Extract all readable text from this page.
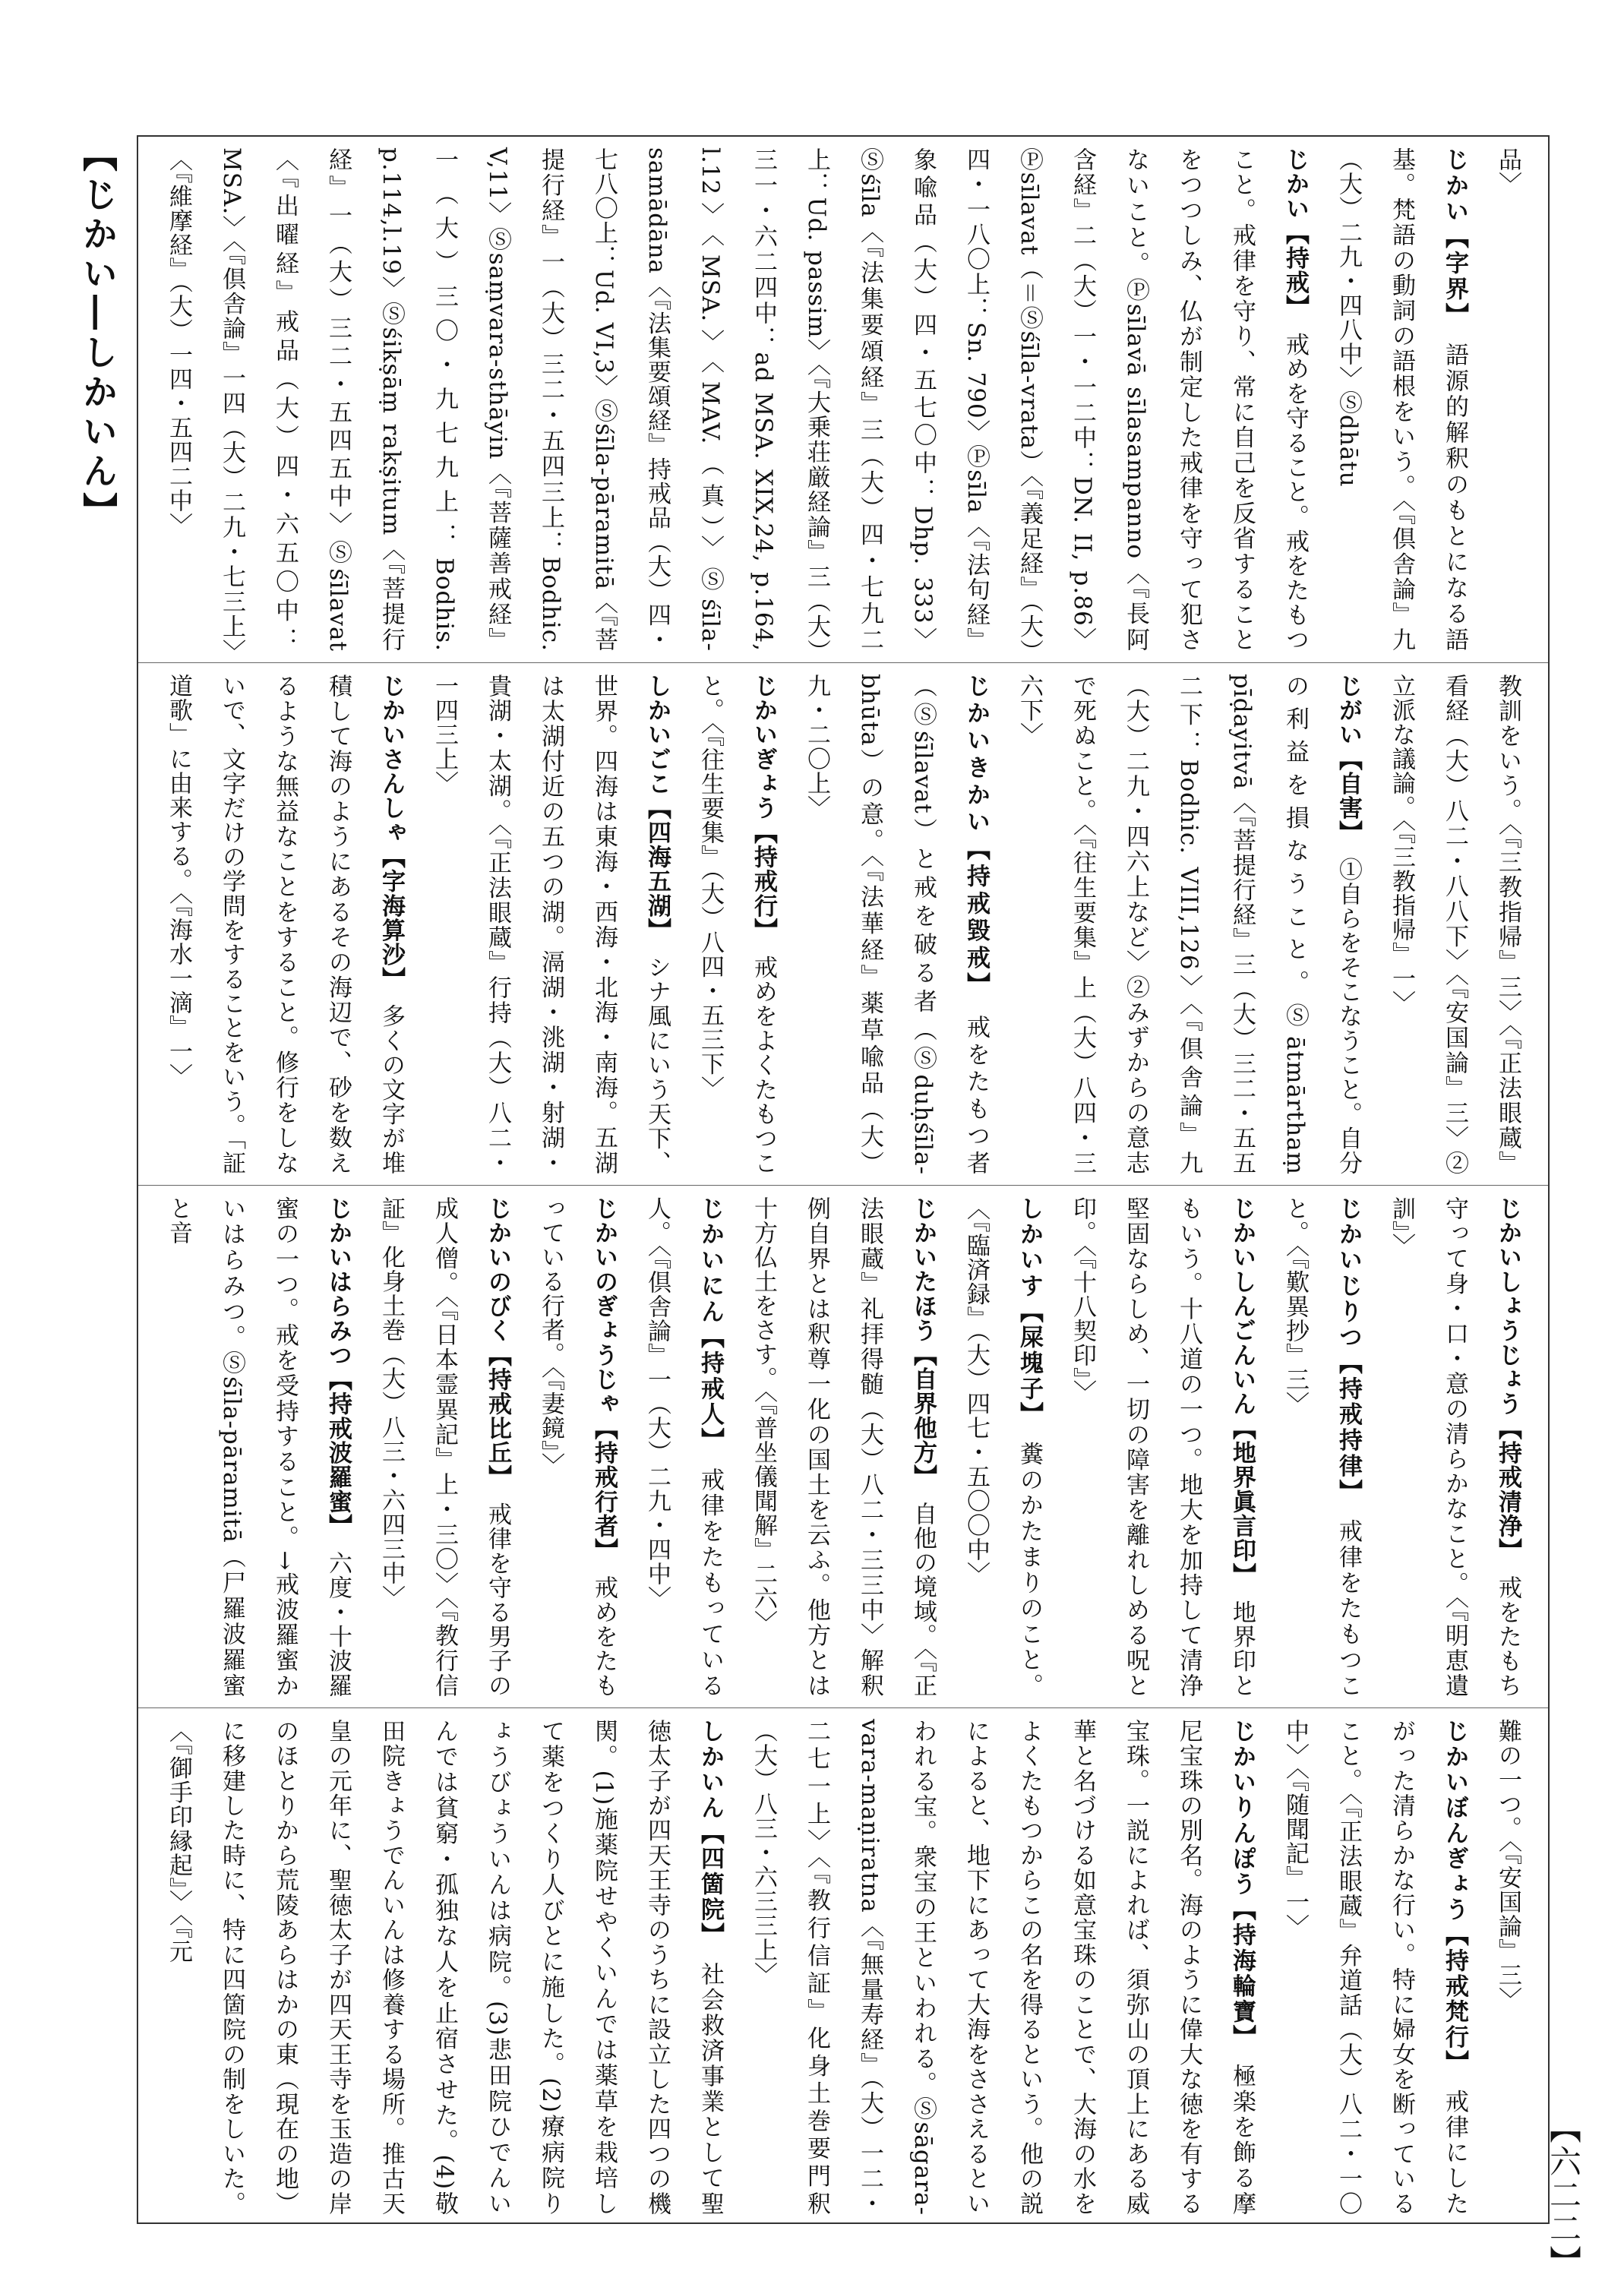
【じかい―しかいん】
【六二二】
品〉
じかい【字界】　語源的解釈のもとになる語基。梵語の動詞の語根をいう。〈『倶舎論』九（大）二九・四八中〉Ⓢdhātu
じかい【持戒】　戒めを守ること。戒をたもつこと。戒律を守り、常に自己を反省することをつつしみ、仏が制定した戒律を守って犯さないこと。Ⓟsīlavā sīlasampanno〈『長阿含経』二（大）一・一二中：DN. II, p.86〉Ⓟsīlavat（＝Ⓢśīla-vrata）〈『義足経』（大）四・一八〇上：Sn. 790〉Ⓟsīla〈『法句経』象喩品（大）四・五七〇中：Dhp. 333〉Ⓢśīla〈『法集要頌経』三（大）四・七九二上：Ud. passim〉〈『大乗荘厳経論』三（大）三一・六二四中：ad MSA. XIX,24, p.164, l.12〉〈MSA.〉〈MAV.（真）〉Ⓢśīla-samādāna〈『法集要頌経』持戒品（大）四・七八〇上：Ud. VI,3〉Ⓢśīla-pāramitā〈『菩提行経』一（大）三二・五四三上：Bodhic. V,11〉Ⓢsaṃvara-sthāyin〈『菩薩善戒経』一（大）三〇・九七九上：Bodhis. p.114,l.19〉Ⓢśikṣāṃ rakṣitum〈『菩提行経』一（大）三二・五四五中〉Ⓢśīlavat〈『出曜経』戒品（大）四・六五〇中：MSA.〉〈『倶舎論』一四（大）二九・七三上〉〈『維摩経』（大）一四・五四二中〉
教訓をいう。〈『三教指帰』三〉〈『正法眼蔵』看経（大）八二・八八下〉〈『安国論』三〉②立派な議論。〈『三教指帰』一〉
じがい【自害】　①自らをそこなうこと。自分の利益を損なうこと。Ⓢātmārthaṃ pīḍayitvā〈『菩提行経』三（大）三二・五五二下：Bodhic. VIII,126〉〈『倶舎論』九（大）二九・四六上など〉②みずからの意志で死ぬこと。〈『往生要集』上（大）八四・三六下〉
じかいきかい【持戒毀戒】　戒をたもつ者（Ⓢśīlavat）と戒を破る者（Ⓢduḥśīla-bhūta）の意。〈『法華経』薬草喩品（大）九・二〇上〉
じかいぎょう【持戒行】　戒めをよくたもつこと。〈『往生要集』（大）八四・五三下〉
しかいごこ【四海五湖】　シナ風にいう天下、世界。四海は東海・西海・北海・南海。五湖は太湖付近の五つの湖。滆湖・洮湖・射湖・貴湖・太湖。〈『正法眼蔵』行持（大）八二・一四三上〉
じかいさんしゃ【字海算沙】　多くの文字が堆積して海のようにあるその海辺で、砂を数えるような無益なことをすること。修行をしないで、文字だけの学問をすることをいう。「証道歌」に由来する。〈『海水一滴』一〉
じかいしょうじょう【持戒清浄】　戒をたもち守って身・口・意の清らかなこと。〈『明恵遺訓』〉
じかいじりつ【持戒持律】　戒律をたもつこと。〈『歎異抄』三〉
じかいしんごんいん【地界眞言印】　地界印ともいう。十八道の一つ。地大を加持して清浄堅固ならしめ、一切の障害を離れしめる呪と印。〈『十八契印』〉
しかいす【屎塊子】　糞のかたまりのこと。〈『臨済録』（大）四七・五〇〇中〉
じかいたほう【自界他方】　自他の境域。〈『正法眼蔵』礼拝得髄（大）八二・三三中〉解釈例自界とは釈尊一化の国土を云ふ。他方とは十方仏土をさす。〈『普坐儀聞解』二六〉
じかいにん【持戒人】　戒律をたもっている人。〈『倶舎論』一（大）二九・四中〉
じかいのぎょうじゃ【持戒行者】　戒めをたもっている行者。〈『妻鏡』〉
じかいのびく【持戒比丘】　戒律を守る男子の成人僧。〈『日本霊異記』上・三〇〉〈『教行信証』化身土巻（大）八三・六四三中〉
じかいはらみつ【持戒波羅蜜】　六度・十波羅蜜の一つ。戒を受持すること。→戒波羅蜜かいはらみつ。Ⓢśīla-pāramitā（尸羅波羅蜜と音
難の一つ。〈『安国論』三〉
じかいぼんぎょう【持戒梵行】　戒律にしたがった清らかな行い。特に婦女を断っていること。〈『正法眼蔵』弁道話（大）八二・一〇中〉〈『随聞記』一〉
じかいりんぽう【持海輪寶】　極楽を飾る摩尼宝珠の別名。海のように偉大な徳を有する宝珠。一説によれば、須弥山の頂上にある威華と名づける如意宝珠のことで、大海の水をよくたもつからこの名を得るという。他の説によると、地下にあって大海をささえるといわれる宝。衆宝の王といわれる。Ⓢsāgara-vara-maṇiratna〈『無量寿経』（大）一二・二七一上〉〈『教行信証』化身土巻要門釈（大）八三・六三三上〉
しかいん【四箇院】　社会救済事業として聖徳太子が四天王寺のうちに設立した四つの機関。(1)施薬院せやくいんでは薬草を栽培して薬をつくり人びとに施した。(2)療病院りょうびょういんは病院。(3)悲田院ひでんいんでは貧窮・孤独な人を止宿させた。(4)敬田院きょうでんいんは修養する場所。推古天皇の元年に、聖徳太子が四天王寺を玉造の岸のほとりから荒陵あらはかの東（現在の地）に移建した時に、特に四箇院の制をしいた。〈『御手印縁起』〉〈『元
